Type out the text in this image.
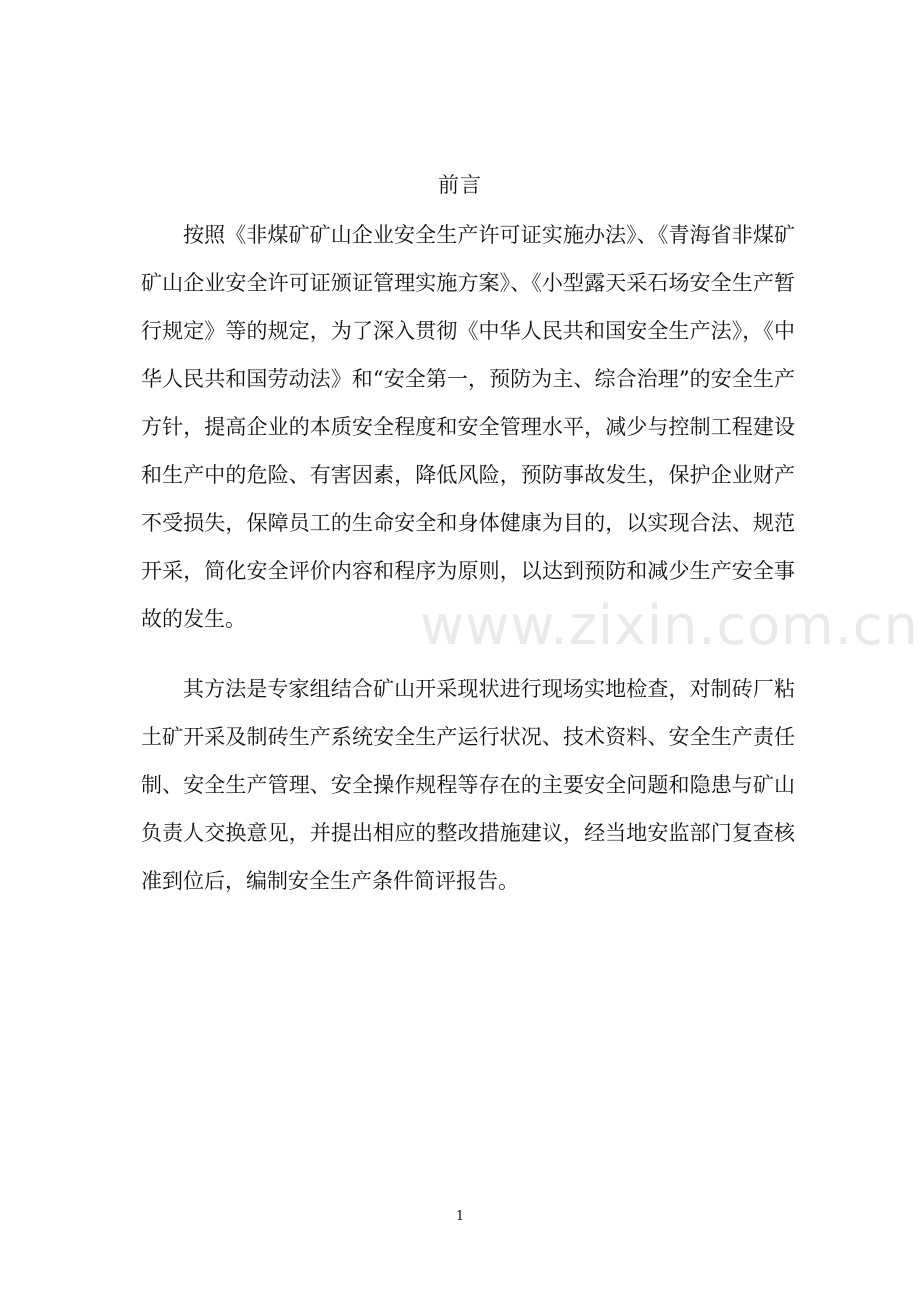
前言

按照《非煤矿矿山企业安全生产许可证实施办法》、《青海省非煤矿矿山企业安全许可证颁证管理实施方案》、《小型露天采石场安全生产暂行规定》等的规定，为了深入贯彻《中华人民共和国安全生产法》，《中华人民共和国劳动法》和“安全第一，预防为主、综合治理”的安全生产方针，提高企业的本质安全程度和安全管理水平，减少与控制工程建设和生产中的危险、有害因素，降低风险，预防事故发生，保护企业财产不受损失，保障员工的生命安全和身体健康为目的，以实现合法、规范开采，简化安全评价内容和程序为原则，以达到预防和减少生产安全事故的发生。

其方法是专家组结合矿山开采现状进行现场实地检查，对制砖厂粘土矿开采及制砖生产系统安全生产运行状况、技术资料、安全生产责任制、安全生产管理、安全操作规程等存在的主要安全问题和隐患与矿山负责人交换意见，并提出相应的整改措施建议，经当地安监部门复查核准到位后，编制安全生产条件简评报告。

www.zixin.com.cn
1
